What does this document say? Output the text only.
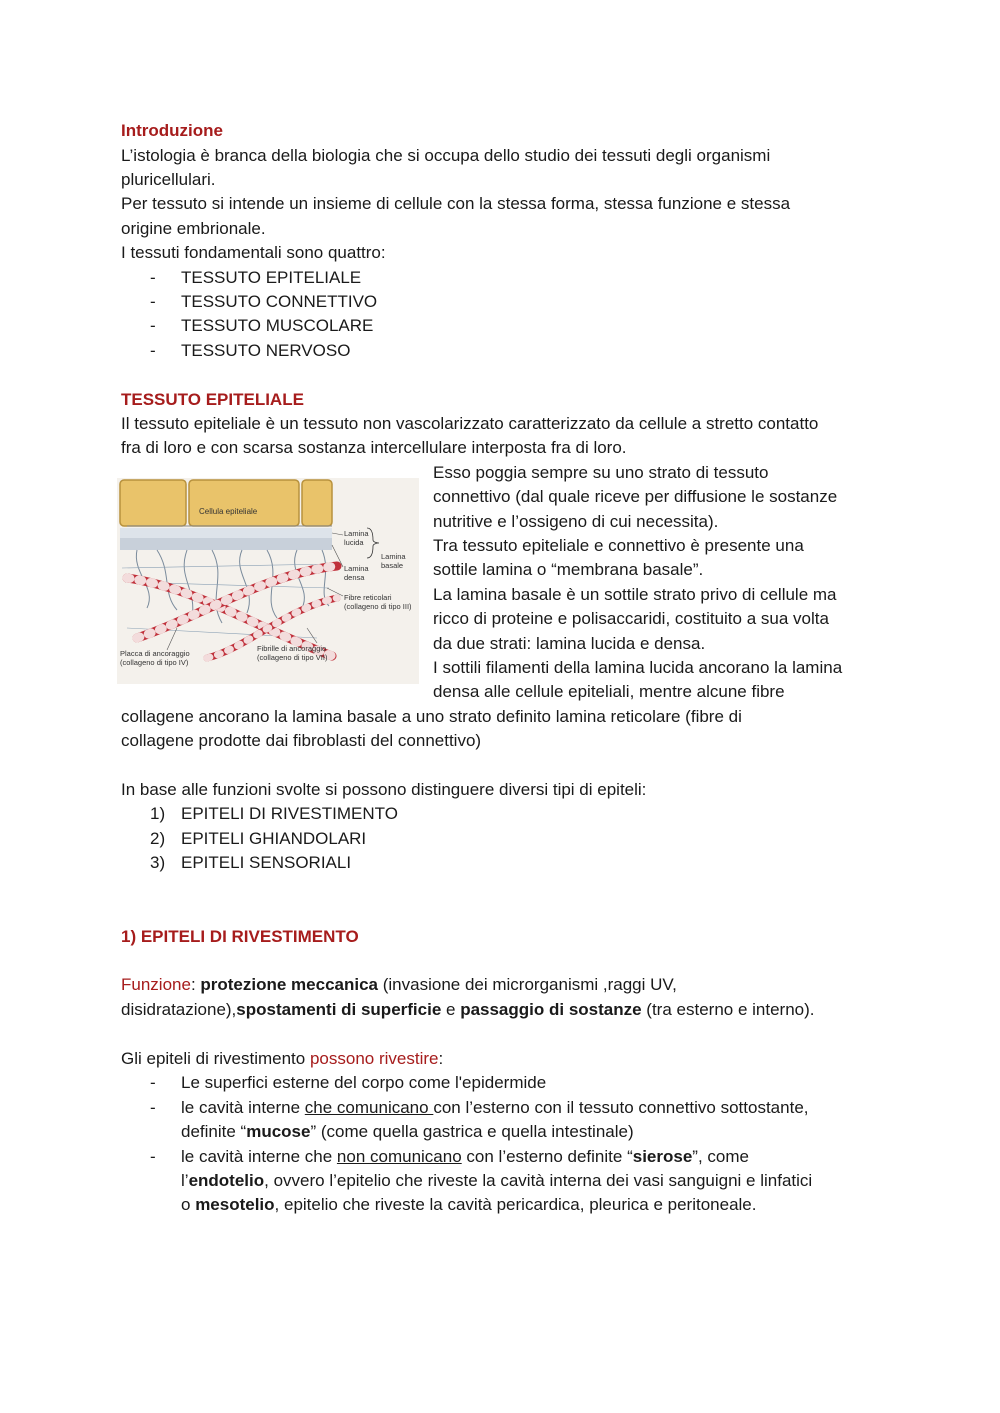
Introduzione
L’istologia è branca della biologia che si occupa dello studio dei tessuti degli organismi
pluricellulari.
Per tessuto si intende un insieme di cellule con la stessa forma, stessa funzione e stessa
origine embrionale.
I tessuti fondamentali sono quattro:
- TESSUTO EPITELIALE
- TESSUTO CONNETTIVO
- TESSUTO MUSCOLARE
- TESSUTO NERVOSO
TESSUTO EPITELIALE
Il tessuto epiteliale è un tessuto non vascolarizzato caratterizzato da cellule a stretto contatto
fra di loro e con scarsa sostanza intercellulare interposta fra di loro.
Esso poggia sempre su uno strato di tessuto
connettivo (dal quale riceve per diffusione le sostanze
nutritive e l’ossigeno di cui necessita).
Tra tessuto epiteliale e connettivo è presente una
sottile lamina o “membrana basale”.
La lamina basale è un sottile strato privo di cellule ma
ricco di proteine e polisaccaridi, costituito a sua volta
da due strati: lamina lucida e densa.
I sottili filamenti della lamina lucida ancorano la lamina
densa alle cellule epiteliali, mentre alcune fibre
Cellula epiteliale
Lamina
lucida
Lamina
basale
Lamina
densa
Fibre reticolari
(collageno di tipo III)
Fibrille di ancoraggio
(collageno di tipo VII)
Placca di ancoraggio
(collageno di tipo IV)
collagene ancorano la lamina basale a uno strato definito lamina reticolare (fibre di
collagene prodotte dai fibroblasti del connettivo)
In base alle funzioni svolte si possono distinguere diversi tipi di epiteli:
1) EPITELI DI RIVESTIMENTO
2) EPITELI GHIANDOLARI
3) EPITELI SENSORIALI
1) EPITELI DI RIVESTIMENTO
Funzione: protezione meccanica (invasione dei microrganismi ,raggi UV,
disidratazione),spostamenti di superficie e passaggio di sostanze (tra esterno e interno).
Gli epiteli di rivestimento possono rivestire:
- Le superfici esterne del corpo come l'epidermide
- le cavità interne che comunicano con l’esterno con il tessuto connettivo sottostante,
definite “mucose” (come quella gastrica e quella intestinale)
- le cavità interne che non comunicano con l’esterno definite “sierose”, come
l’endotelio, ovvero l’epitelio che riveste la cavità interna dei vasi sanguigni e linfatici
o mesotelio, epitelio che riveste la cavità pericardica, pleurica e peritoneale.
